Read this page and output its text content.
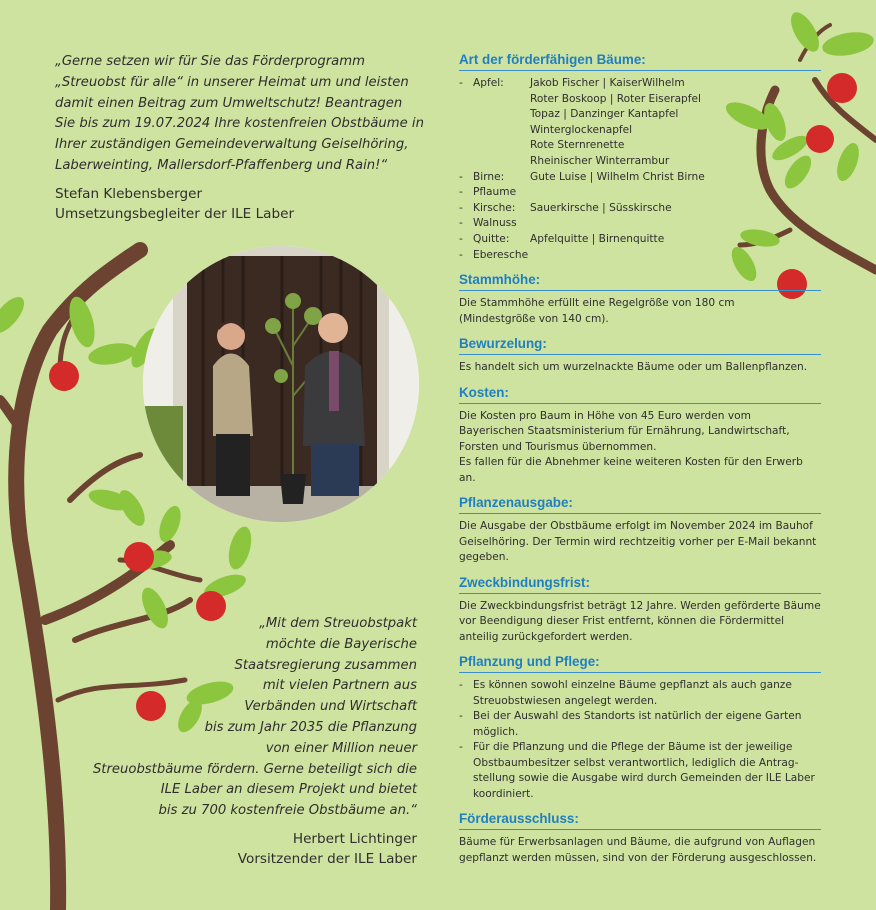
„Gerne setzen wir für Sie das Förderprogramm
„Streuobst für alle“ in unserer Heimat um und leisten
damit einen Beitrag zum Umweltschutz! Beantragen
Sie bis zum 19.07.2024 Ihre kostenfreien Obstbäume in
Ihrer zuständigen Gemeindeverwaltung Geiselhöring,
Laberweinting, Mallersdorf-Pfaffenberg und Rain!“
Stefan Klebensberger
Umsetzungsbegleiter der ILE Laber
„Mit dem Streuobstpakt
möchte die Bayerische
Staatsregierung zusammen
mit vielen Partnern aus
Verbänden und Wirtschaft
bis zum Jahr 2035 die Pflanzung
von einer Million neuer
Streuobstbäume fördern. Gerne beteiligt sich die
ILE Laber an diesem Projekt und bietet
bis zu 700 kostenfreie Obstbäume an.“
Herbert Lichtinger
Vorsitzender der ILE Laber
Art der förderfähigen Bäume:
- Apfel:	Jakob Fischer | KaiserWilhelm
Roter Boskoop | Roter Eiserapfel
Topaz | Danzinger Kantapfel
Winterglockenapfel
Rote Sternrenette
Rheinischer Winterrambur
- Birne:	Gute Luise | Wilhelm Christ Birne
- Pflaume
- Kirsche:	Sauerkirsche | Süsskirsche
- Walnuss
- Quitte:	Apfelquitte | Birnenquitte
- Eberesche
Stammhöhe:

Die Stammhöhe erfüllt eine Regelgröße von 180 cm
(Mindestgröße von 140 cm).

Bewurzelung:

Es handelt sich um wurzelnackte Bäume oder um Ballenpflanzen.

Kosten:

Die Kosten pro Baum in Höhe von 45 Euro werden vom
Bayerischen Staatsministerium für Ernährung, Landwirtschaft,
Forsten und Tourismus übernommen.
Es fallen für die Abnehmer keine weiteren Kosten für den Erwerb an.

Pflanzenausgabe:

Die Ausgabe der Obstbäume erfolgt im November 2024 im Bauhof
Geiselhöring. Der Termin wird rechtzeitig vorher per E-Mail bekannt
gegeben.

Zweckbindungsfrist:

Die Zweckbindungsfrist beträgt 12 Jahre. Werden geförderte Bäume
vor Beendigung dieser Frist entfernt, können die Fördermittel
anteilig zurückgefordert werden.

Pflanzung und Pflege:
- Es können sowohl einzelne Bäume gepflanzt als auch ganze
Streuobstwiesen angelegt werden.
- Bei der Auswahl des Standorts ist natürlich der eigene Garten
möglich.
- Für die Pflanzung und die Pflege der Bäume ist der jeweilige
Obstbaumbesitzer selbst verantwortlich, lediglich die Antrag-
stellung sowie die Ausgabe wird durch Gemeinden der ILE Laber
koordiniert.
Förderausschluss:

Bäume für Erwerbsanlagen und Bäume, die aufgrund von Auflagen
gepflanzt werden müssen, sind von der Förderung ausgeschlossen.
